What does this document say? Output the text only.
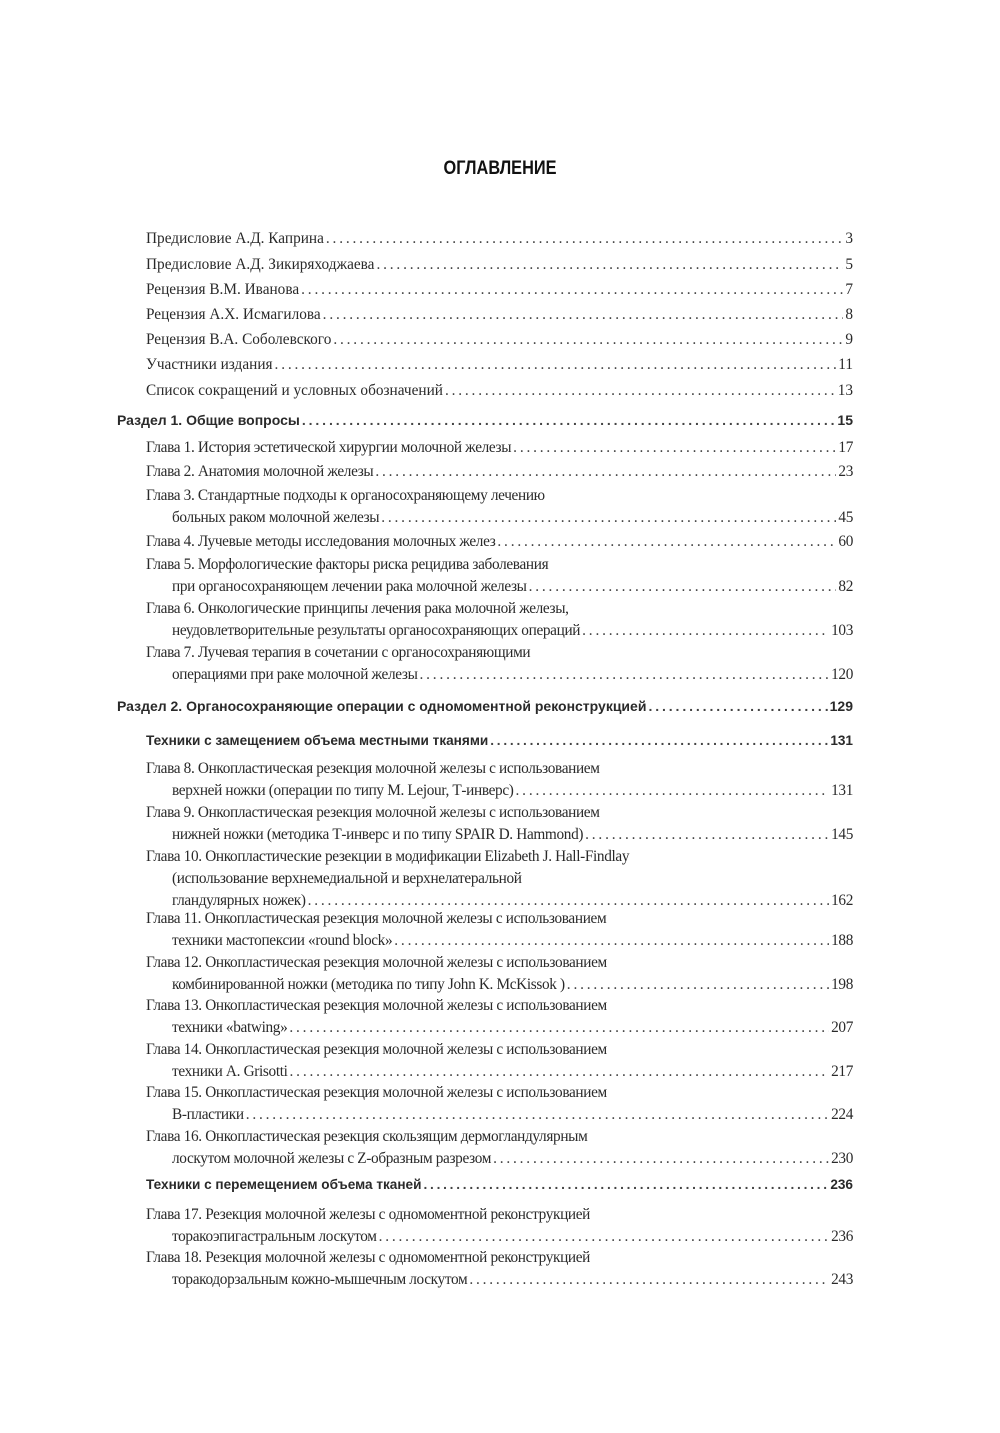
ОГЛАВЛЕНИЕ
Предисловие А.Д. Каприна . . .	3
Предисловие А.Д. Зикиряходжаева . . .	5
Рецензия В.М. Иванова . . .	7
Рецензия А.Х. Исмагилова . . .	8
Рецензия В.А. Соболевского . . .	9
Участники издания . . .	11
Список сокращений и условных обозначений . . .	13
Раздел 1. Общие вопросы . . .	15
Глава 1. История эстетической хирургии молочной железы . . .	17
Глава 2. Анатомия молочной железы . . .	23
Глава 3. Стандартные подходы к органосохраняющему лечению
больных раком молочной железы . . .	45
Глава 4. Лучевые методы исследования молочных желез . . .	60
Глава 5. Морфологические факторы риска рецидива заболевания
при органосохраняющем лечении рака молочной железы . . .	82
Глава 6. Онкологические принципы лечения рака молочной железы,
неудовлетворительные результаты органосохраняющих операций . . .	103
Глава 7. Лучевая терапия в сочетании с органосохраняющими
операциями при раке молочной железы . . .	120
Раздел 2. Органосохраняющие операции с одномоментной реконструкцией . . .	129
Техники с замещением объема местными тканями . . .	131
Глава 8. Онкопластическая резекция молочной железы с использованием
верхней ножки (операции по типу M. Lejour, Т-инверс) . . .	131
Глава 9. Онкопластическая резекция молочной железы с использованием
нижней ножки (методика Т-инверс и по типу SPAIR D. Hammond) . . .	145
Глава 10. Онкопластические резекции в модификации Elizabeth J. Hall-Findlay
(использование верхнемедиальной и верхнелатеральной
гландулярных ножек) . . .	162
Глава 11. Онкопластическая резекция молочной железы с использованием
техники мастопексии «round block» . . .	188
Глава 12. Онкопластическая резекция молочной железы с использованием
комбинированной ножки (методика по типу John K. McKissok ) . . .	198
Глава 13. Онкопластическая резекция молочной железы с использованием
техники «batwing» . . .	207
Глава 14. Онкопластическая резекция молочной железы с использованием
техники A. Grisotti . . .	217
Глава 15. Онкопластическая резекция молочной железы с использованием
В-пластики . . .	224
Глава 16. Онкопластическая резекция скользящим дермогландулярным
лоскутом молочной железы с Z-образным разрезом . . .	230
Техники с перемещением объема тканей . . .	236
Глава 17. Резекция молочной железы с одномоментной реконструкцией
торакоэпигастральным лоскутом . . .	236
Глава 18. Резекция молочной железы с одномоментной реконструкцией
торакодорзальным кожно-мышечным лоскутом . . .	243
